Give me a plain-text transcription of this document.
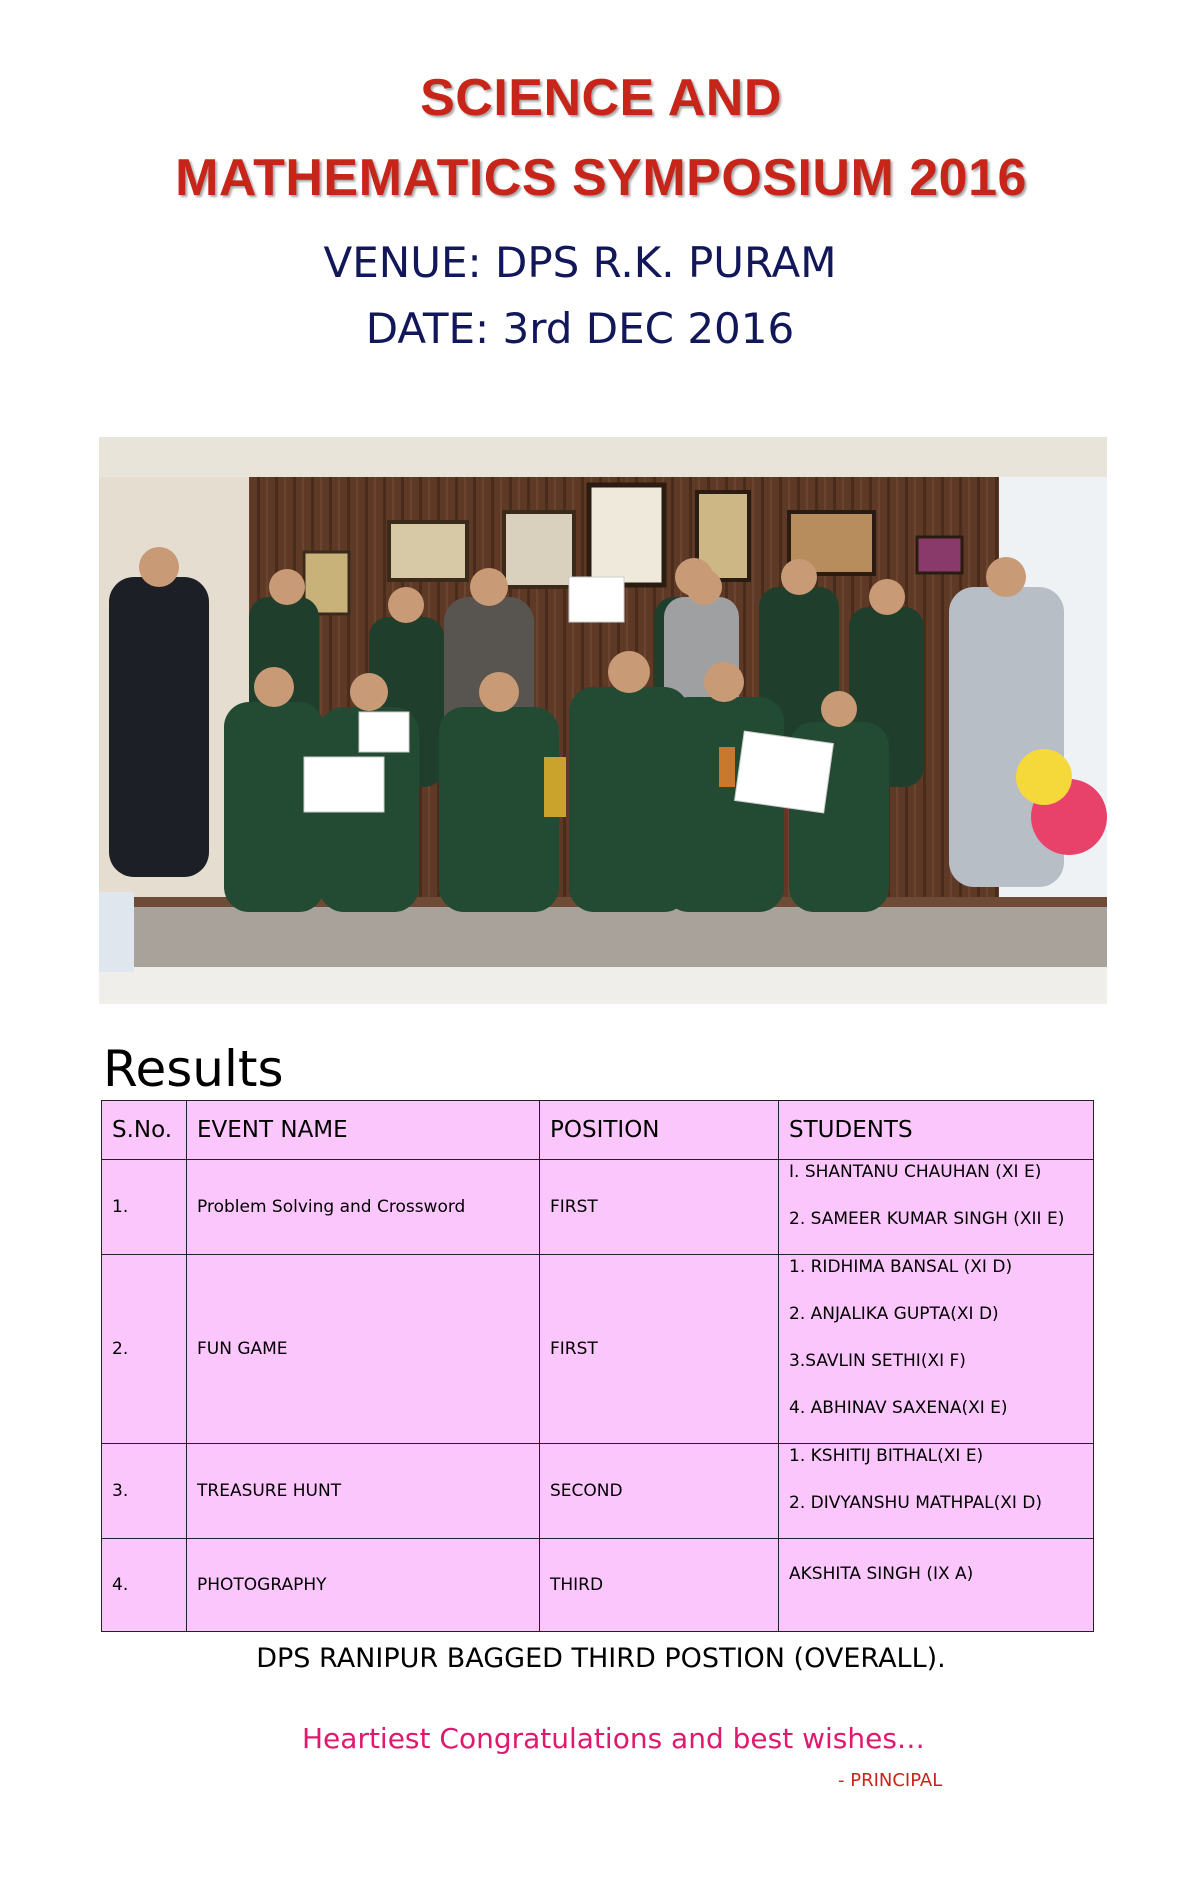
SCIENCE AND
MATHEMATICS SYMPOSIUM 2016
VENUE: DPS R.K. PURAM
DATE: 3rd DEC 2016
Results
S.No.	EVENT NAME	POSITION	STUDENTS
1.	Problem Solving and Crossword	FIRST	I. SHANTANU CHAUHAN (XI E)
2. SAMEER KUMAR SINGH (XII E)

2.	FUN GAME	FIRST	1. RIDHIMA BANSAL (XI D)
2. ANJALIKA GUPTA(XI D)
3.SAVLIN SETHI(XI F)
4. ABHINAV SAXENA(XI E)

3.	TREASURE HUNT	SECOND	1. KSHITIJ BITHAL(XI E)
2. DIVYANSHU MATHPAL(XI D)

4.	PHOTOGRAPHY	THIRD	AKSHITA SINGH (IX A)
DPS RANIPUR BAGGED THIRD POSTION (OVERALL).
Heartiest Congratulations and best wishes…
- PRINCIPAL
